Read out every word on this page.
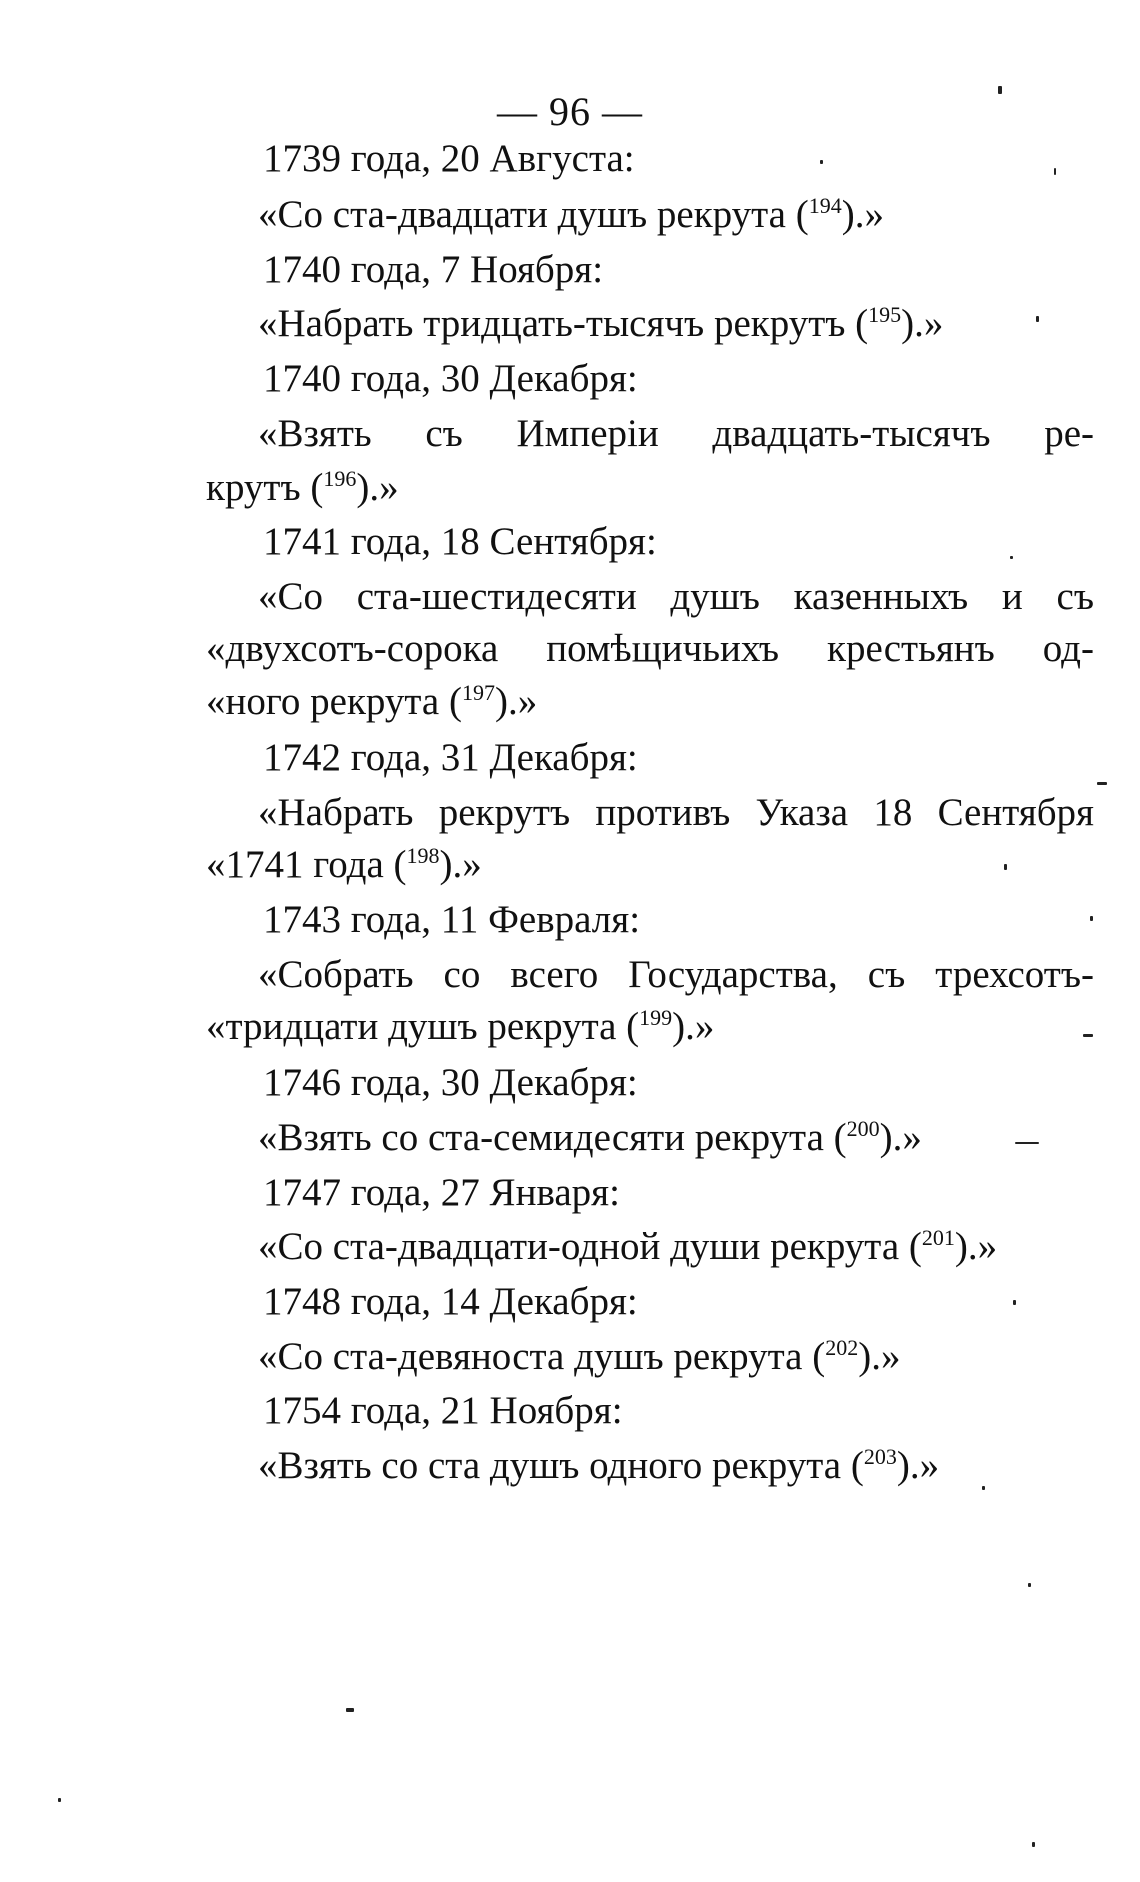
— 96 —
1739 года, 20 Августа:
«Со ста-двадцати душъ рекрута ($^{194}$).»
1740 года, 7 Ноября:
«Набрать тридцать-тысячъ рекрутъ ($^{195}$).»
1740 года, 30 Декабря:
«Взять съ Имперiи двадцать-тысячъ ре-
крутъ ($^{196}$).»
1741 года, 18 Сентября:
«Со ста-шестидесяти душъ казенныхъ и съ
«двухсотъ-сорока помѣщичьихъ крестьянъ од-
«ного рекрута ($^{197}$).»
1742 года, 31 Декабря:
«Набрать рекрутъ противъ Указа 18 Сентября
«1741 года ($^{198}$).»
1743 года, 11 Февраля:
«Собрать со всего Государства, съ трехсотъ-
«тридцати душъ рекрута ($^{199}$).»
1746 года, 30 Декабря:
«Взять со ста-семидесяти рекрута ($^{200}$).»
1747 года, 27 Января:
«Со ста-двадцати-одной души рекрута ($^{201}$).»
1748 года, 14 Декабря:
«Со ста-девяноста душъ рекрута ($^{202}$).»
1754 года, 21 Ноября:
«Взять со ста душъ одного рекрута ($^{203}$).»
